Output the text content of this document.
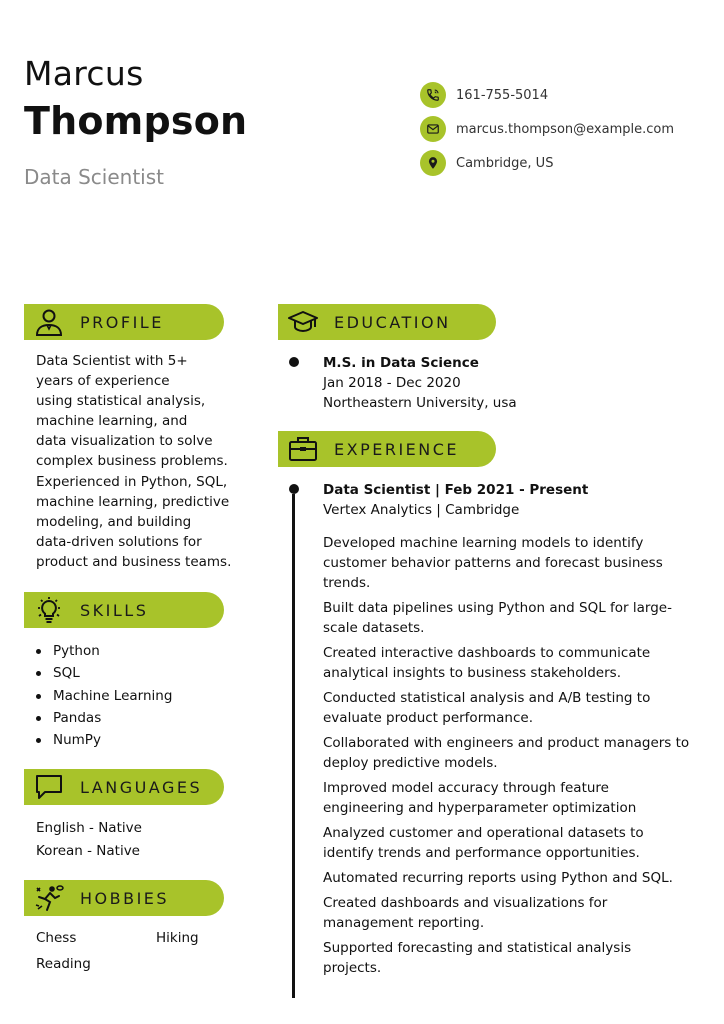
Marcus
Thompson
Data Scientist
161-755-5014
marcus.thompson@example.com
Cambridge, US
PROFILE
Data Scientist with 5+
years of experience
using statistical analysis,
machine learning, and
data visualization to solve
complex business problems.
Experienced in Python, SQL,
machine learning, predictive
modeling, and building
data-driven solutions for
product and business teams.
SKILLS
Python
SQL
Machine Learning
Pandas
NumPy
LANGUAGES
English - Native
Korean - Native
HOBBIES
Chess	Hiking
Reading
EDUCATION
M.S. in Data Science
Jan 2018 - Dec 2020
Northeastern University, usa
EXPERIENCE
Data Scientist | Feb 2021 - Present
Vertex Analytics | Cambridge
Developed machine learning models to identify customer behavior patterns and forecast business trends.
Built data pipelines using Python and SQL for large-scale datasets.
Created interactive dashboards to communicate analytical insights to business stakeholders.
Conducted statistical analysis and A/B testing to evaluate product performance.
Collaborated with engineers and product managers to deploy predictive models.
Improved model accuracy through feature engineering and hyperparameter optimization
Analyzed customer and operational datasets to identify trends and performance opportunities.
Automated recurring reports using Python and SQL.
Created dashboards and visualizations for management reporting.
Supported forecasting and statistical analysis projects.
